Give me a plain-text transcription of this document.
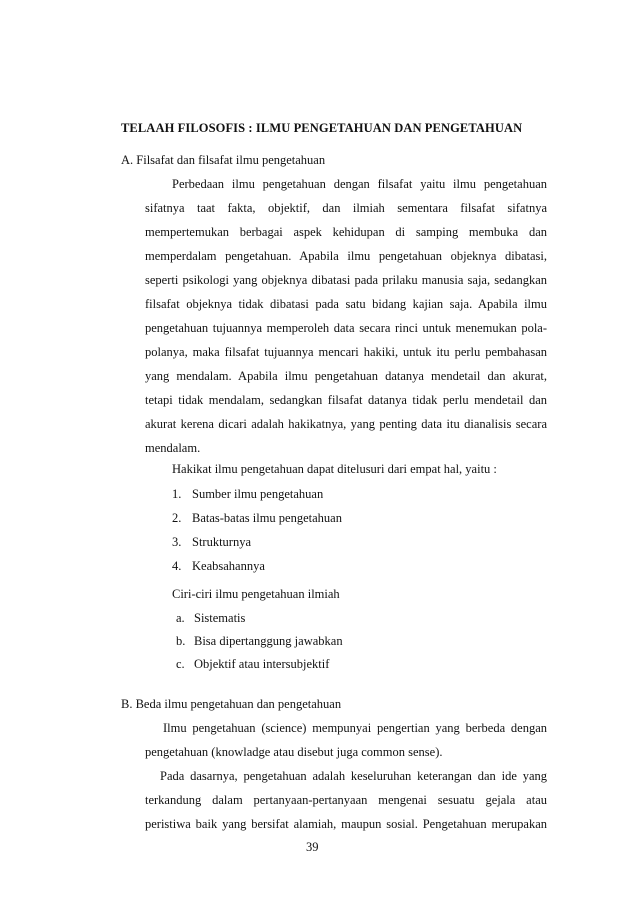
TELAAH FILOSOFIS : ILMU PENGETAHUAN DAN PENGETAHUAN
A. Filsafat dan filsafat ilmu pengetahuan
Perbedaan ilmu pengetahuan dengan filsafat yaitu ilmu pengetahuan
sifatnya taat fakta, objektif, dan ilmiah sementara filsafat sifatnya
mempertemukan berbagai aspek kehidupan di samping membuka dan
memperdalam pengetahuan. Apabila ilmu pengetahuan objeknya dibatasi,
seperti psikologi yang objeknya dibatasi pada prilaku manusia saja, sedangkan
filsafat objeknya tidak dibatasi pada satu bidang kajian saja. Apabila ilmu
pengetahuan tujuannya memperoleh data secara rinci untuk menemukan pola-
polanya, maka filsafat tujuannya mencari hakiki, untuk itu perlu pembahasan
yang mendalam. Apabila ilmu pengetahuan datanya mendetail dan akurat,
tetapi tidak mendalam, sedangkan filsafat datanya tidak perlu mendetail dan
akurat kerena dicari adalah hakikatnya, yang penting data itu dianalisis secara
mendalam.
Hakikat ilmu pengetahuan dapat ditelusuri dari empat hal, yaitu :
1. Sumber ilmu pengetahuan
2. Batas-batas ilmu pengetahuan
3. Strukturnya
4. Keabsahannya
Ciri-ciri ilmu pengetahuan ilmiah
a. Sistematis
b. Bisa dipertanggung jawabkan
c. Objektif atau intersubjektif
B. Beda ilmu pengetahuan dan pengetahuan
Ilmu pengetahuan (science) mempunyai pengertian yang berbeda dengan
pengetahuan (knowladge atau disebut juga common sense).
Pada dasarnya, pengetahuan adalah keseluruhan keterangan dan ide yang
terkandung dalam pertanyaan-pertanyaan mengenai sesuatu gejala atau
peristiwa baik yang bersifat alamiah, maupun sosial. Pengetahuan merupakan
39
